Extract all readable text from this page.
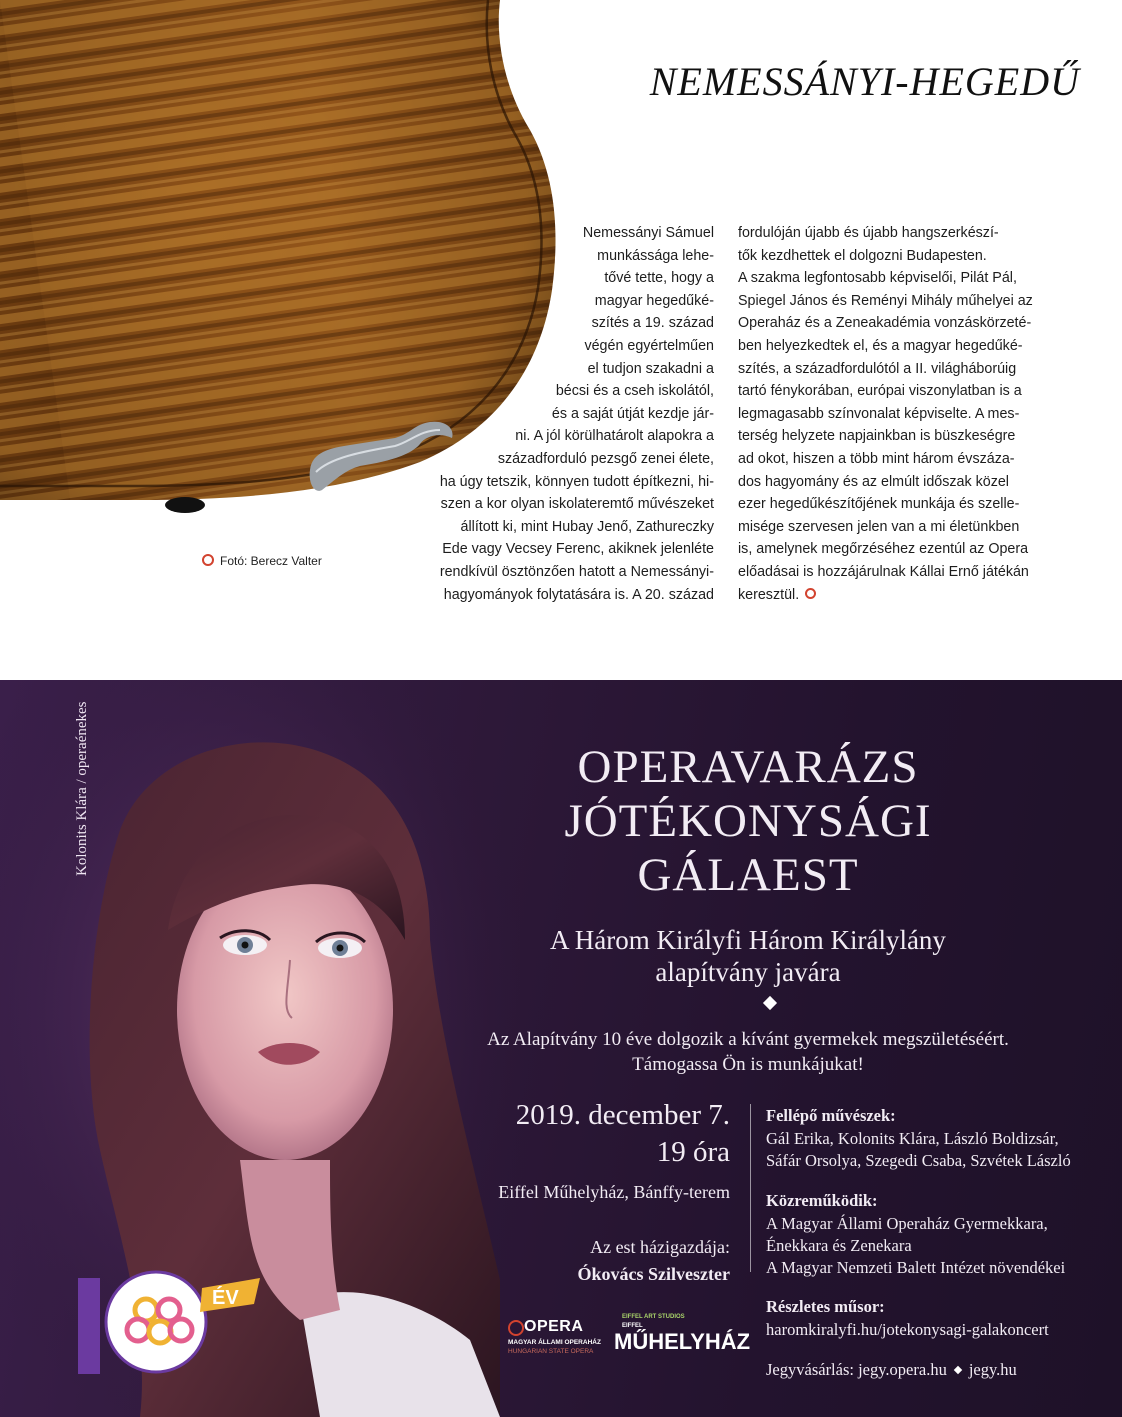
NEMESSÁNYI-HEGEDŰ
Fotó: Berecz Valter
Nemessányi Sámuel
munkássága lehe-
tővé tette, hogy a
magyar hegedűké-
szítés a 19. század
végén egyértelműen
el tudjon szakadni a
bécsi és a cseh iskolától,
és a saját útját kezdje jár-
ni. A jól körülhatárolt alapokra a
századforduló pezsgő zenei élete,
ha úgy tetszik, könnyen tudott építkezni, hi-
szen a kor olyan iskolateremtő művészeket
állított ki, mint Hubay Jenő, Zathureczky
Ede vagy Vecsey Ferenc, akiknek jelenléte
rendkívül ösztönzően hatott a Nemessányi-
hagyományok folytatására is. A 20. század
fordulóján újabb és újabb hangszerkészí-
tők kezdhettek el dolgozni Budapesten.
A szakma legfontosabb képviselői, Pilát Pál,
Spiegel János és Reményi Mihály műhelyei az
Operaház és a Zeneakadémia vonzáskörzeté-
ben helyezkedtek el, és a magyar hegedűké-
szítés, a századfordulótól a II. világháborúig
tartó fénykorában, európai viszonylatban is a
legmagasabb színvonalat képviselte. A mes-
terség helyzete napjainkban is büszkeségre
ad okot, hiszen a több mint három évszáza-
dos hagyomány és az elmúlt időszak közel
ezer hegedűkészítőjének munkája és szelle-
misége szervesen jelen van a mi életünkben
is, amelynek megőrzéséhez ezentúl az Opera
előadásai is hozzájárulnak Kállai Ernő játékán
keresztül.
Kolonits Klára / operaénekes	OPERAVARÁZS
JÓTÉKONYSÁGI
GÁLAEST
A Három Királyfi Három Királylány
alapítvány javára
Az Alapítvány 10 éve dolgozik a kívánt gyermekek megszületéséért.
Támogassa Ön is munkájukat!
2019. december 7.
19 óra
Eiffel Műhelyház, Bánffy-terem
Az est házigazdája:
Ókovács Szilveszter
Fellépő művészek:
Gál Erika, Kolonits Klára, László Boldizsár,
Sáfár Orsolya, Szegedi Csaba, Szvétek László
Közreműködik:
A Magyar Állami Operaház Gyermekkara,
Énekkara és Zenekara
A Magyar Nemzeti Balett Intézet növendékei
Részletes műsor:
haromkiralyfi.hu/jotekonysagi-galakoncert
Jegyvásárlás: jegy.opera.hu jegy.hu
ÉV
OPERA
MAGYAR ÁLLAMI OPERAHÁZ
HUNGARIAN STATE OPERA
EIFFEL ART STUDIOS
EIFFEL
MŰHELYHÁZ
